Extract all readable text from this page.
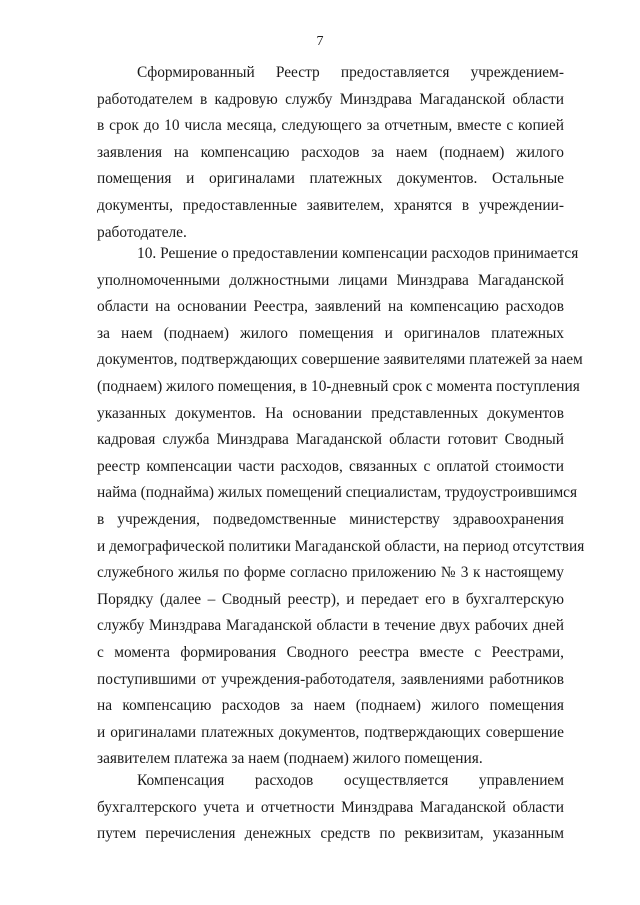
7
Сформированный Реестр предоставляется учреждением-
работодателем в кадровую службу Минздрава Магаданской области
в срок до 10 числа месяца, следующего за отчетным, вместе с копией
заявления на компенсацию расходов за наем (поднаем) жилого
помещения и оригиналами платежных документов. Остальные
документы, предоставленные заявителем, хранятся в учреждении-
работодателе.
10. Решение о предоставлении компенсации расходов принимается
уполномоченными должностными лицами Минздрава Магаданской
области на основании Реестра, заявлений на компенсацию расходов
за наем (поднаем) жилого помещения и оригиналов платежных
документов, подтверждающих совершение заявителями платежей за наем
(поднаем) жилого помещения, в 10-дневный срок с момента поступления
указанных документов. На основании представленных документов
кадровая служба Минздрава Магаданской области готовит Сводный
реестр компенсации части расходов, связанных с оплатой стоимости
найма (поднайма) жилых помещений специалистам, трудоустроившимся
в учреждения, подведомственные министерству здравоохранения
и демографической политики Магаданской области, на период отсутствия
служебного жилья по форме согласно приложению № 3 к настоящему
Порядку (далее – Сводный реестр), и передает его в бухгалтерскую
службу Минздрава Магаданской области в течение двух рабочих дней
с момента формирования Сводного реестра вместе с Реестрами,
поступившими от учреждения-работодателя, заявлениями работников
на компенсацию расходов за наем (поднаем) жилого помещения
и оригиналами платежных документов, подтверждающих совершение
заявителем платежа за наем (поднаем) жилого помещения.
Компенсация расходов осуществляется управлением
бухгалтерского учета и отчетности Минздрава Магаданской области
путем перечисления денежных средств по реквизитам, указанным
